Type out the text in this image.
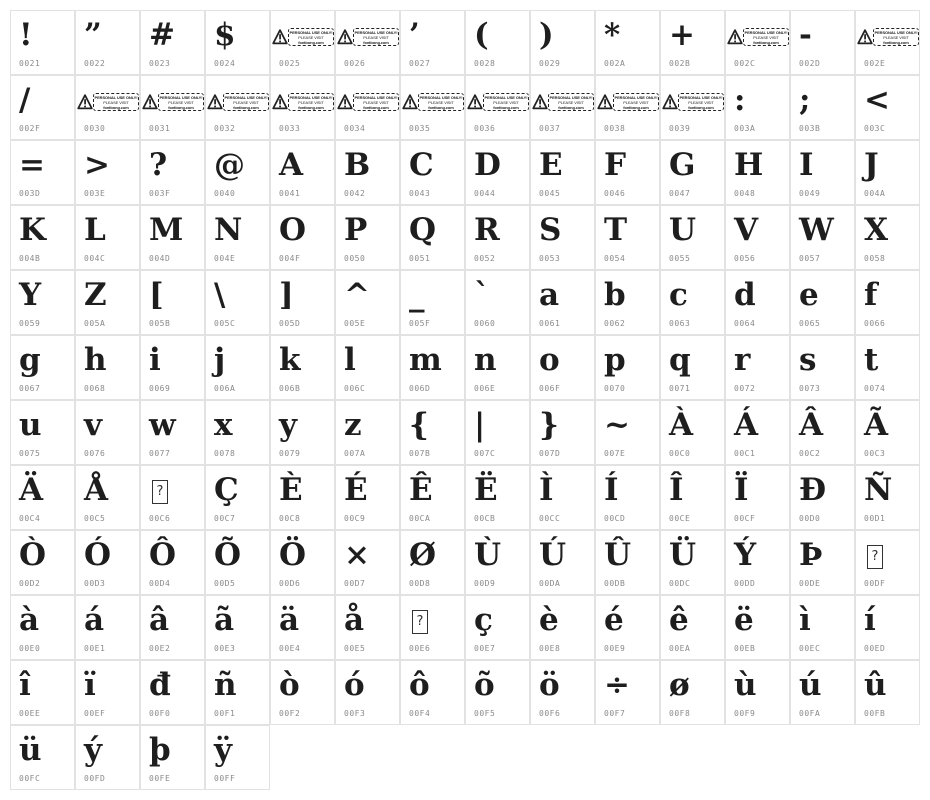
!
0021
”
0022
#
0023
$
0024
PERSONAL USE ONLY!
PLEASE VISIT
fontbong.com
0025
PERSONAL USE ONLY!
PLEASE VISIT
fontbong.com
0026
’
0027
(
0028
)
0029
*
002A
+
002B
PERSONAL USE ONLY!
PLEASE VISIT
fontbong.com
002C
-
002D
PERSONAL USE ONLY!
PLEASE VISIT
fontbong.com
002E
/
002F
PERSONAL USE ONLY!
PLEASE VISIT
fontbong.com
0030
PERSONAL USE ONLY!
PLEASE VISIT
fontbong.com
0031
PERSONAL USE ONLY!
PLEASE VISIT
fontbong.com
0032
PERSONAL USE ONLY!
PLEASE VISIT
fontbong.com
0033
PERSONAL USE ONLY!
PLEASE VISIT
fontbong.com
0034
PERSONAL USE ONLY!
PLEASE VISIT
fontbong.com
0035
PERSONAL USE ONLY!
PLEASE VISIT
fontbong.com
0036
PERSONAL USE ONLY!
PLEASE VISIT
fontbong.com
0037
PERSONAL USE ONLY!
PLEASE VISIT
fontbong.com
0038
PERSONAL USE ONLY!
PLEASE VISIT
fontbong.com
0039
:
003A
;
003B
<
003C
=
003D
>
003E
?
003F
@
0040
A
0041
B
0042
C
0043
D
0044
E
0045
F
0046
G
0047
H
0048
I
0049
J
004A
K
004B
L
004C
M
004D
N
004E
O
004F
P
0050
Q
0051
R
0052
S
0053
T
0054
U
0055
V
0056
W
0057
X
0058
Y
0059
Z
005A
[
005B
\
005C
]
005D
^
005E
_
005F
`
0060
a
0061
b
0062
c
0063
d
0064
e
0065
f
0066
g
0067
h
0068
i
0069
j
006A
k
006B
l
006C
m
006D
n
006E
o
006F
p
0070
q
0071
r
0072
s
0073
t
0074
u
0075
v
0076
w
0077
x
0078
y
0079
z
007A
{
007B
|
007C
}
007D
~
007E
À
00C0
Á
00C1
Â
00C2
Ã
00C3
Ä
00C4
Å
00C5
?
00C6
Ç
00C7
È
00C8
É
00C9
Ê
00CA
Ë
00CB
Ì
00CC
Í
00CD
Î
00CE
Ï
00CF
Đ
00D0
Ñ
00D1
Ò
00D2
Ó
00D3
Ô
00D4
Õ
00D5
Ö
00D6
×
00D7
Ø
00D8
Ù
00D9
Ú
00DA
Û
00DB
Ü
00DC
Ý
00DD
Þ
00DE
?
00DF
à
00E0
á
00E1
â
00E2
ã
00E3
ä
00E4
å
00E5
?
00E6
ç
00E7
è
00E8
é
00E9
ê
00EA
ë
00EB
ì
00EC
í
00ED
î
00EE
ï
00EF
đ
00F0
ñ
00F1
ò
00F2
ó
00F3
ô
00F4
õ
00F5
ö
00F6
÷
00F7
ø
00F8
ù
00F9
ú
00FA
û
00FB
ü
00FC
ý
00FD
þ
00FE
ÿ
00FF
